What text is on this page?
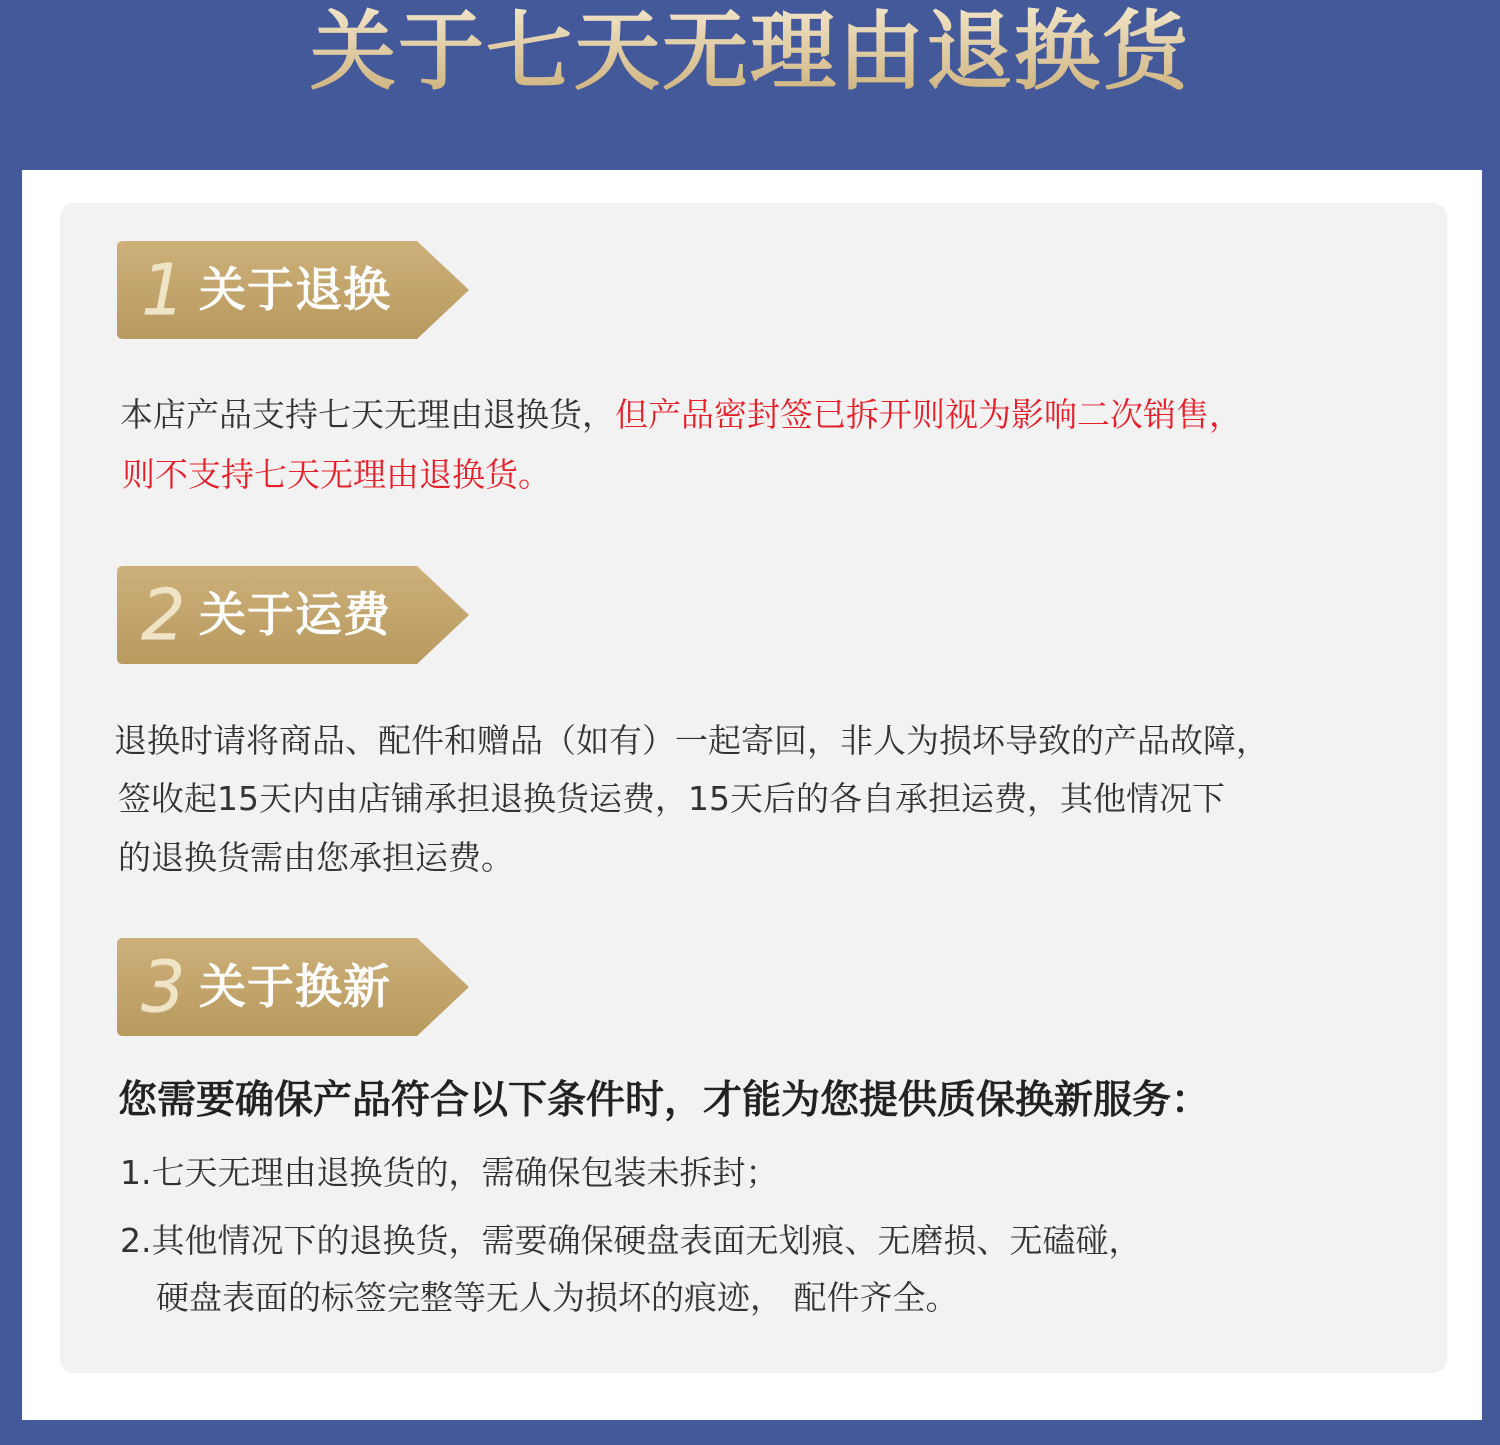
关于七天无理由退换货
1 关于退换
本店产品支持七天无理由退换货，但产品密封签已拆开则视为影响二次销售，
则不支持七天无理由退换货。
2 关于运费
退换时请将商品、配件和赠品（如有）一起寄回，非人为损坏导致的产品故障，
签收起15天内由店铺承担退换货运费，15天后的各自承担运费，其他情况下
的退换货需由您承担运费。
3 关于换新
您需要确保产品符合以下条件时，才能为您提供质保换新服务：
1.七天无理由退换货的，需确保包装未拆封；
2.其他情况下的退换货，需要确保硬盘表面无划痕、无磨损、无磕碰，
硬盘表面的标签完整等无人为损坏的痕迹， 配件齐全。
